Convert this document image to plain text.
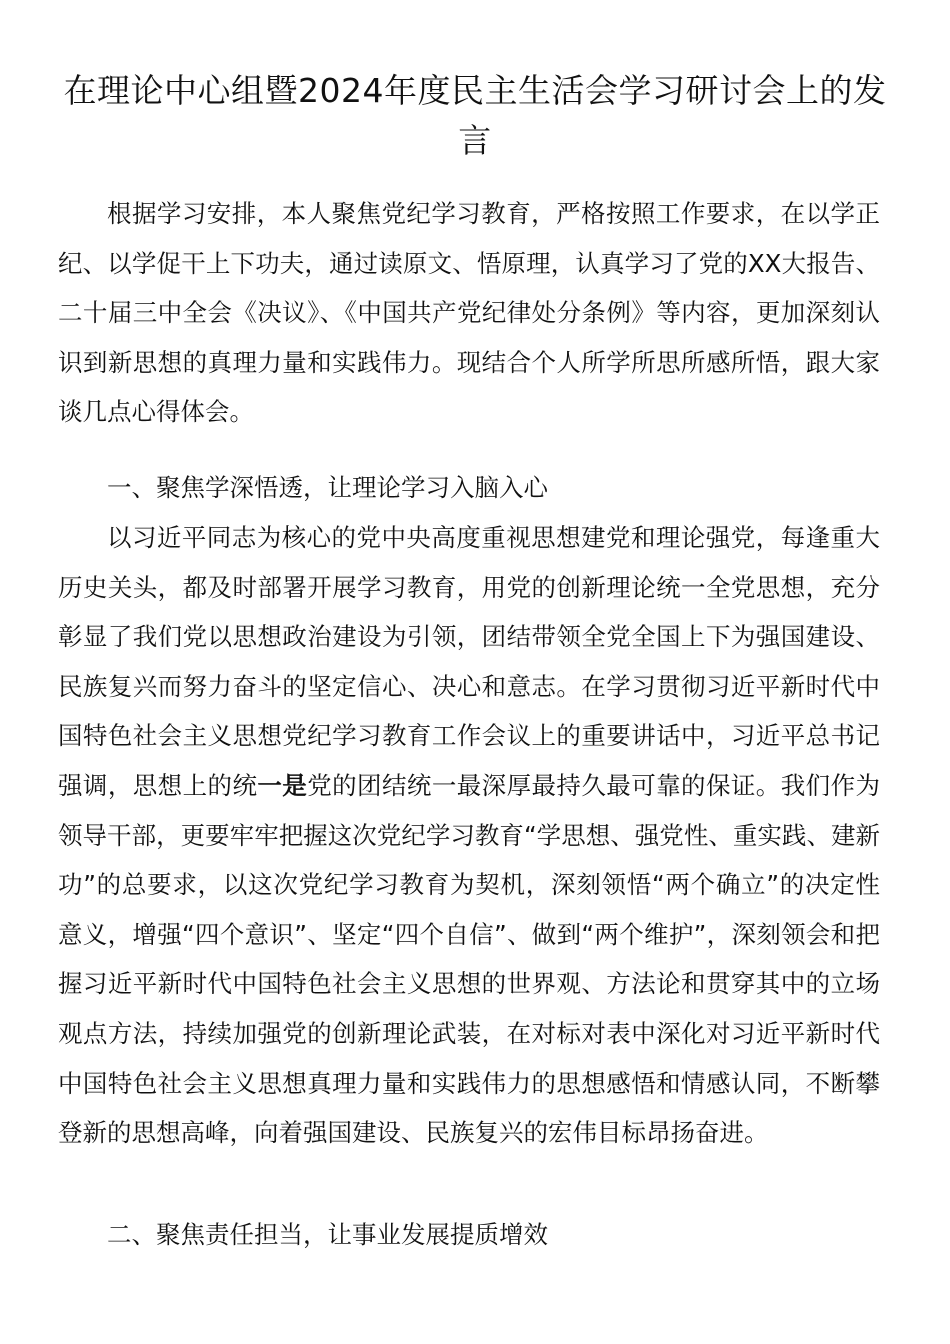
在理论中心组暨2024年度民主生活会学习研讨会上的发言

根据学习安排，本人聚焦党纪学习教育，严格按照工作要求，在以学正纪、以学促干上下功夫，通过读原文、悟原理，认真学习了党的XX大报告、二十届三中全会《决议》、《中国共产党纪律处分条例》等内容，更加深刻认识到新思想的真理力量和实践伟力。现结合个人所学所思所感所悟，跟大家谈几点心得体会。

一、聚焦学深悟透，让理论学习入脑入心

以习近平同志为核心的党中央高度重视思想建党和理论强党，每逢重大历史关头，都及时部署开展学习教育，用党的创新理论统一全党思想，充分彰显了我们党以思想政治建设为引领，团结带领全党全国上下为强国建设、民族复兴而努力奋斗的坚定信心、决心和意志。在学习贯彻习近平新时代中国特色社会主义思想党纪学习教育工作会议上的重要讲话中，习近平总书记强调，思想上的统一是党的团结统一最深厚最持久最可靠的保证。我们作为领导干部，更要牢牢把握这次党纪学习教育“学思想、强党性、重实践、建新功”的总要求，以这次党纪学习教育为契机，深刻领悟“两个确立”的决定性意义，增强“四个意识”、坚定“四个自信”、做到“两个维护”，深刻领会和把握习近平新时代中国特色社会主义思想的世界观、方法论和贯穿其中的立场观点方法，持续加强党的创新理论武装，在对标对表中深化对习近平新时代中国特色社会主义思想真理力量和实践伟力的思想感悟和情感认同，不断攀登新的思想高峰，向着强国建设、民族复兴的宏伟目标昂扬奋进。

二、聚焦责任担当，让事业发展提质增效
